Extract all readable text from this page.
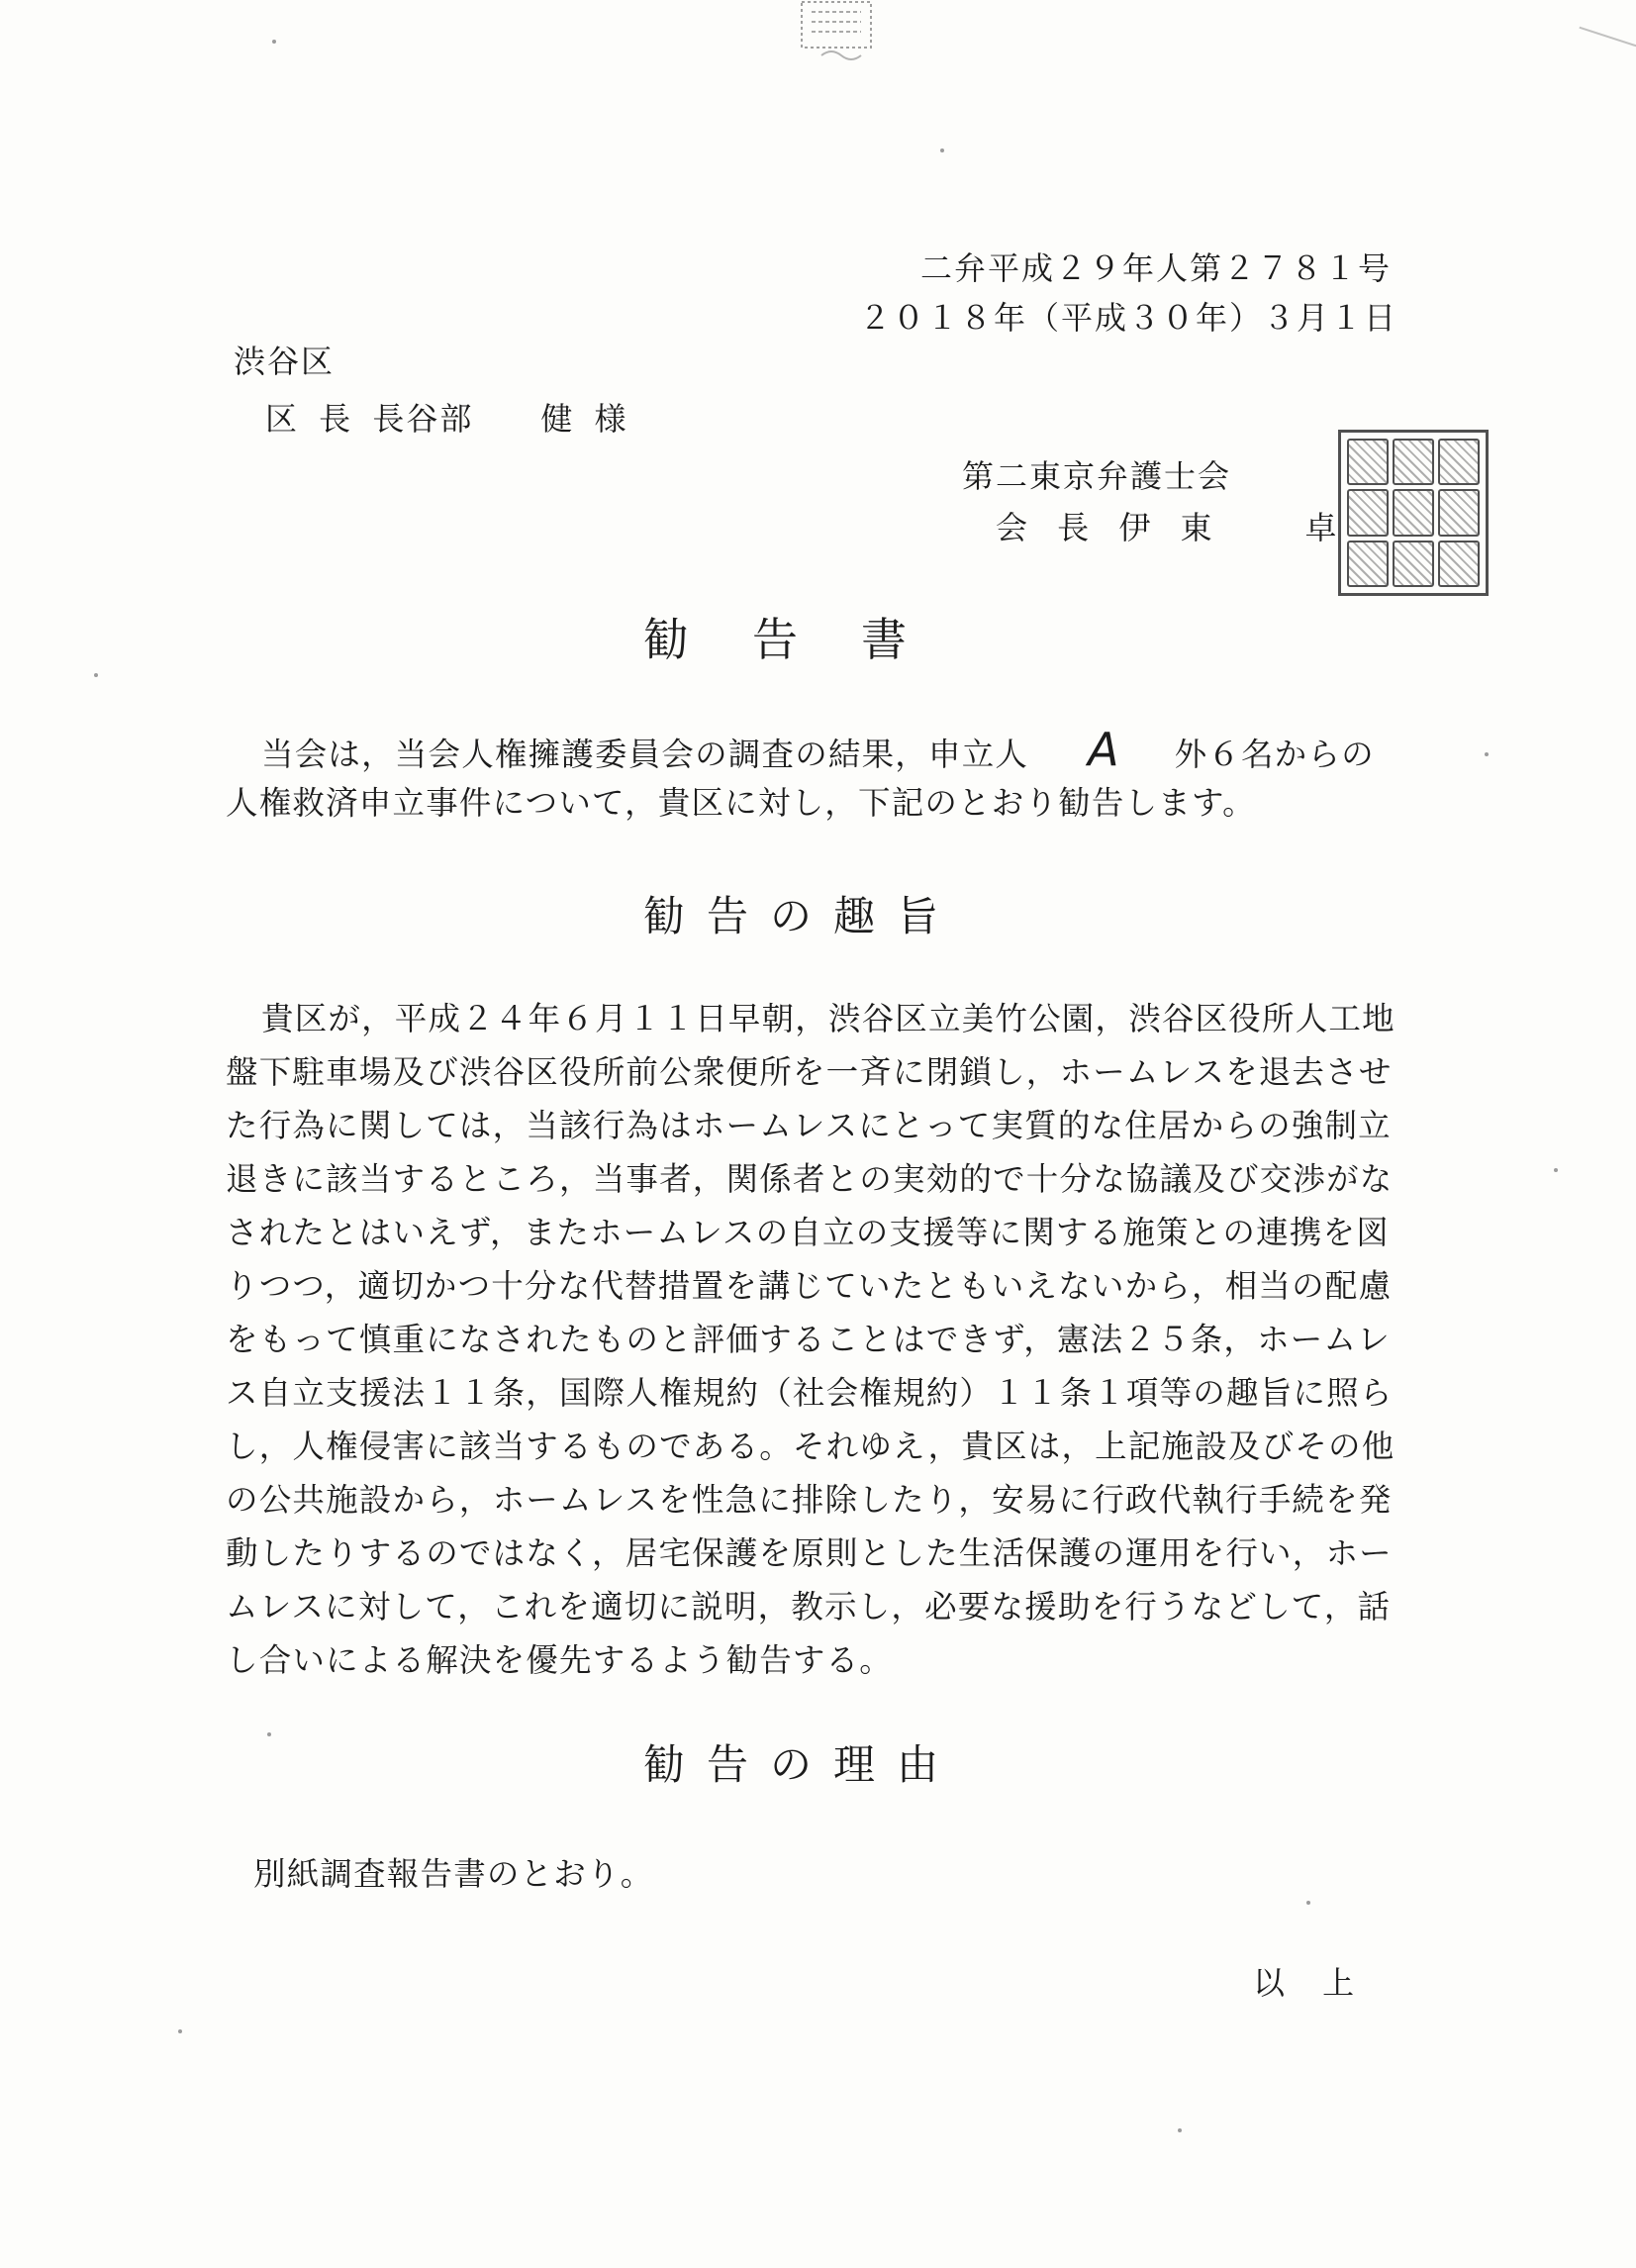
二弁平成２９年人第２７８１号
２０１８年（平成３０年）３月１日
渋谷区
区 長 長谷部　　健 様
第二東京弁護士会
会 長 伊 東　　卓
勧告書
当会は，当会人権擁護委員会の調査の結果，申立人 A 外６名からの
人権救済申立事件について，貴区に対し，下記のとおり勧告します。
勧告の趣旨
貴区が，平成２４年６月１１日早朝，渋谷区立美竹公園，渋谷区役所人工地
盤下駐車場及び渋谷区役所前公衆便所を一斉に閉鎖し，ホームレスを退去させ
た行為に関しては，当該行為はホームレスにとって実質的な住居からの強制立
退きに該当するところ，当事者，関係者との実効的で十分な協議及び交渉がな
されたとはいえず，またホームレスの自立の支援等に関する施策との連携を図
りつつ，適切かつ十分な代替措置を講じていたともいえないから，相当の配慮
をもって慎重になされたものと評価することはできず，憲法２５条，ホームレ
ス自立支援法１１条，国際人権規約（社会権規約）１１条１項等の趣旨に照ら
し，人権侵害に該当するものである。それゆえ，貴区は，上記施設及びその他
の公共施設から，ホームレスを性急に排除したり，安易に行政代執行手続を発
動したりするのではなく，居宅保護を原則とした生活保護の運用を行い，ホー
ムレスに対して，これを適切に説明，教示し，必要な援助を行うなどして，話
し合いによる解決を優先するよう勧告する。
勧告の理由
別紙調査報告書のとおり。
以 上
